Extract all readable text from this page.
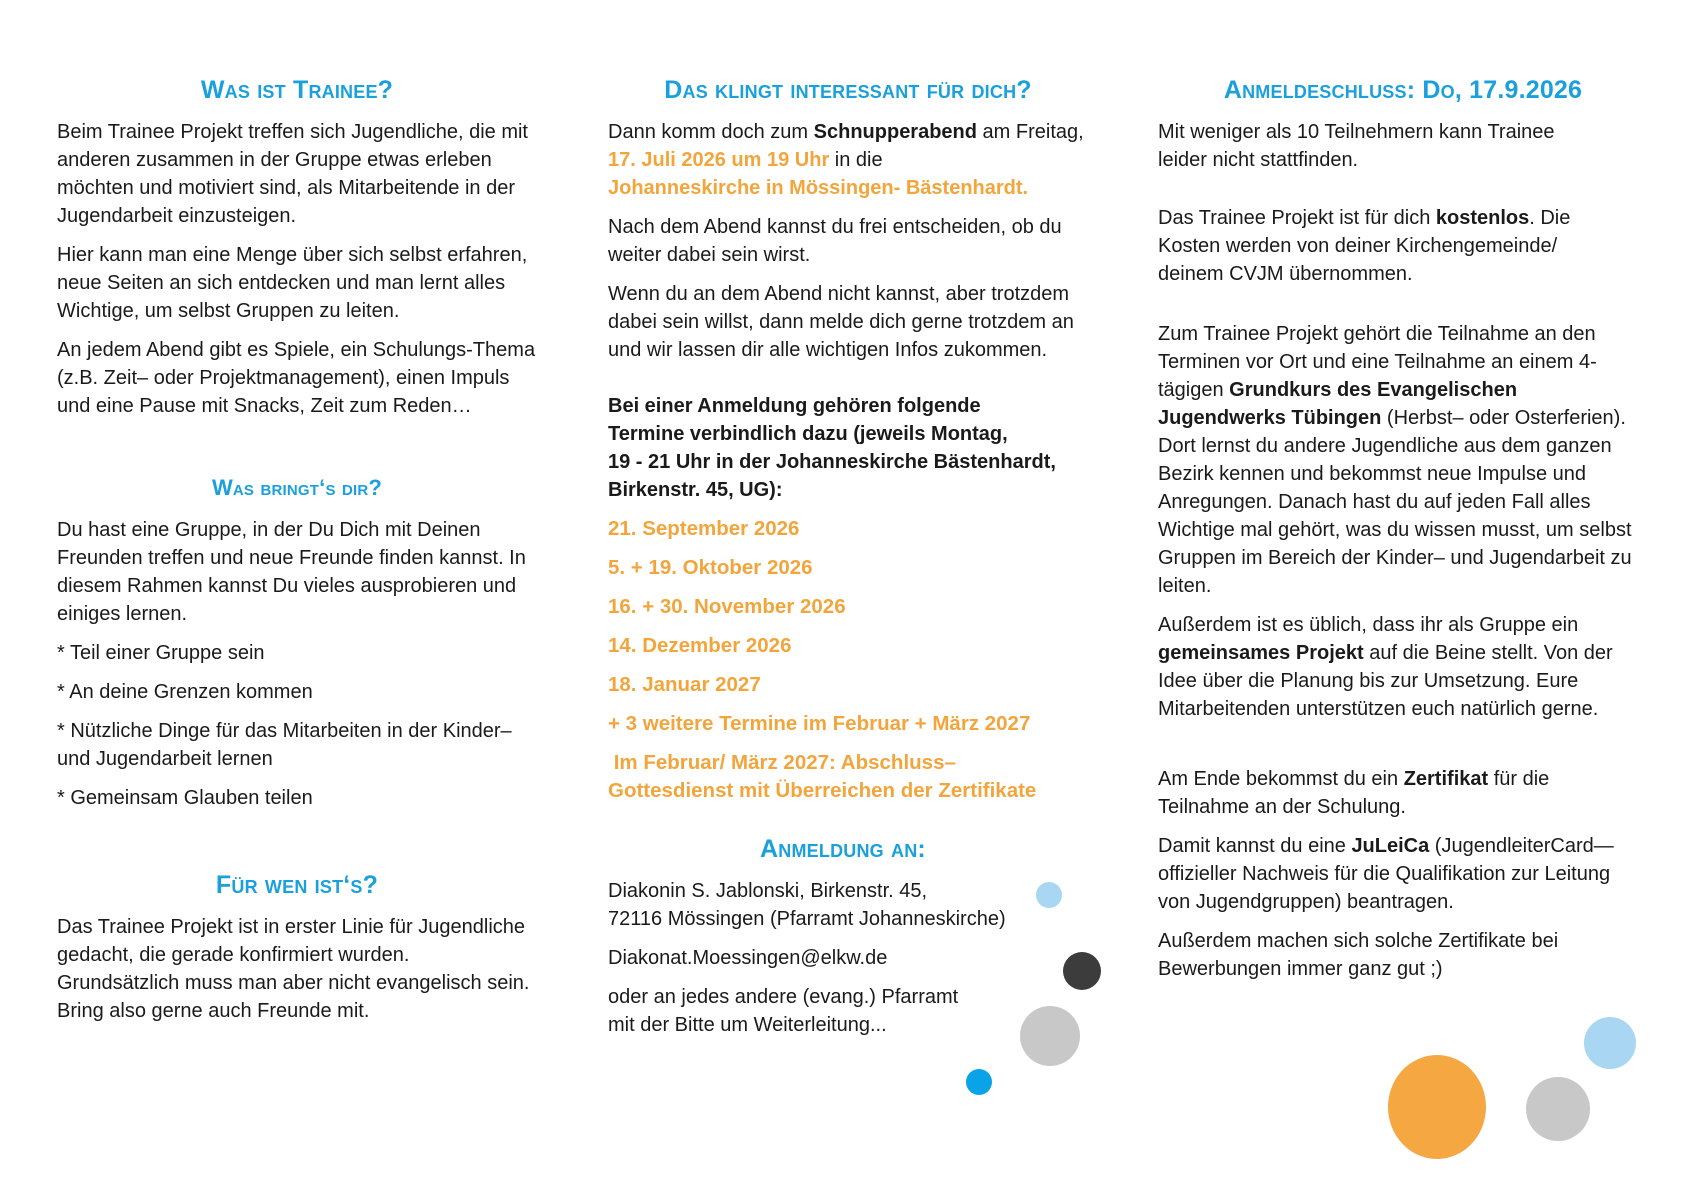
Was ist Trainee?

Beim Trainee Projekt treffen sich Jugendliche, die mit anderen zusammen in der Gruppe etwas erleben möchten und motiviert sind, als Mitarbeitende in der Jugendarbeit einzusteigen.

Hier kann man eine Menge über sich selbst erfahren, neue Seiten an sich entdecken und man lernt alles Wichtige, um selbst Gruppen zu leiten.

An jedem Abend gibt es Spiele, ein Schulungs-Thema (z.B. Zeit– oder Projektmanagement), einen Impuls und eine Pause mit Snacks, Zeit zum Reden…

Was bringt‘s dir?

Du hast eine Gruppe, in der Du Dich mit Deinen Freunden treffen und neue Freunde finden kannst. In diesem Rahmen kannst Du vieles ausprobieren und einiges lernen.

* Teil einer Gruppe sein

* An deine Grenzen kommen

* Nützliche Dinge für das Mitarbeiten in der Kinder– und Jugendarbeit lernen

* Gemeinsam Glauben teilen

Für wen ist‘s?

Das Trainee Projekt ist in erster Linie für Jugendliche gedacht, die gerade konfirmiert wurden.

Grundsätzlich muss man aber nicht evangelisch sein. Bring also gerne auch Freunde mit.

Das klingt interessant für dich?

Dann komm doch zum Schnupperabend am Freitag, 17. Juli 2026 um 19 Uhr in die
Johanneskirche in Mössingen- Bästenhardt.

Nach dem Abend kannst du frei entscheiden, ob du weiter dabei sein wirst.

Wenn du an dem Abend nicht kannst, aber trotzdem dabei sein willst, dann melde dich gerne trotzdem an und wir lassen dir alle wichtigen Infos zukommen.

Bei einer Anmeldung gehören folgende
Termine verbindlich dazu (jeweils Montag,
19 - 21 Uhr in der Johanneskirche Bästenhardt,
Birkenstr. 45, UG):

21. September 2026

5. + 19. Oktober 2026

16. + 30. November 2026

14. Dezember 2026

18. Januar 2027

+ 3 weitere Termine im Februar + März 2027

Im Februar/ März 2027: Abschluss–
Gottesdienst mit Überreichen der Zertifikate

Anmeldung an:

Diakonin S. Jablonski, Birkenstr. 45,
72116 Mössingen (Pfarramt Johanneskirche)

Diakonat.Moessingen@elkw.de

oder an jedes andere (evang.) Pfarramt
mit der Bitte um Weiterleitung...

Anmeldeschluss: Do, 17.9.2026

Mit weniger als 10 Teilnehmern kann Trainee leider nicht stattfinden.

Das Trainee Projekt ist für dich kostenlos. Die Kosten werden von deiner Kirchengemeinde/ deinem CVJM übernommen.

Zum Trainee Projekt gehört die Teilnahme an den Terminen vor Ort und eine Teilnahme an einem 4-tägigen Grundkurs des Evangelischen Jugendwerks Tübingen (Herbst– oder Osterferien). Dort lernst du andere Jugendliche aus dem ganzen Bezirk kennen und bekommst neue Impulse und Anregungen. Danach hast du auf jeden Fall alles Wichtige mal gehört, was du wissen musst, um selbst Gruppen im Bereich der Kinder– und Jugendarbeit zu leiten.

Außerdem ist es üblich, dass ihr als Gruppe ein gemeinsames Projekt auf die Beine stellt. Von der Idee über die Planung bis zur Umsetzung. Eure Mitarbeitenden unterstützen euch natürlich gerne.

Am Ende bekommst du ein Zertifikat für die Teilnahme an der Schulung.

Damit kannst du eine JuLeiCa (JugendleiterCard—offizieller Nachweis für die Qualifikation zur Leitung von Jugendgruppen) beantragen.

Außerdem machen sich solche Zertifikate bei Bewerbungen immer ganz gut ;)
